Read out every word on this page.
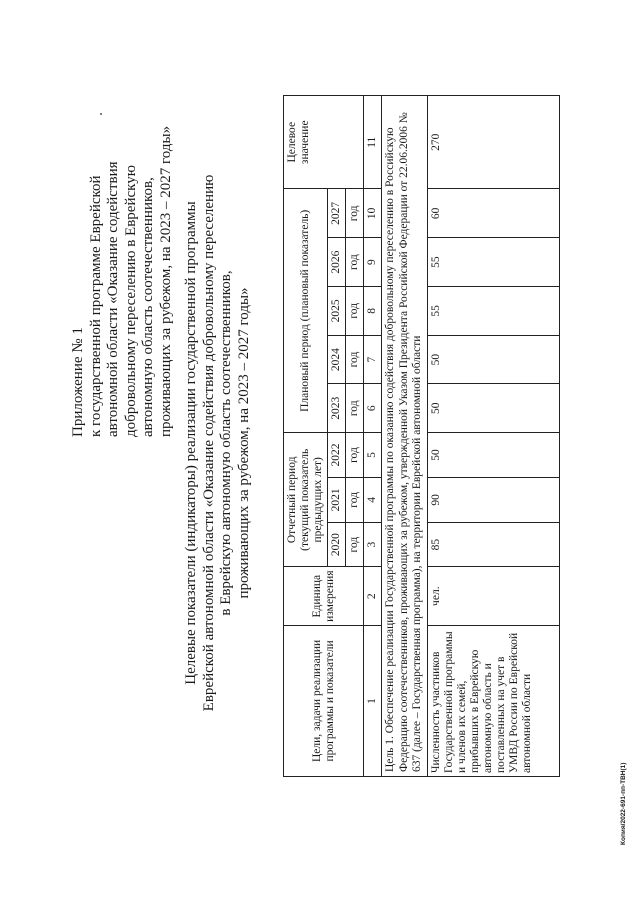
Приложение № 1 к государственной программе Еврейской автономной области «Оказание содействия добровольному переселению в Еврейскую автономную область соотечественников, проживающих за рубежом, на 2023 – 2027 годы» Целевые показатели (индикаторы) реализации государственной программы Еврейской автономной области «Оказание содействия добровольному переселению в Еврейскую автономную область соотечественников, проживающих за рубежом, на 2023 – 2027 годы»
Цели, задачи реализации программы и показатели	Единица измерения	Отчетный период (текущий показатель предыдущих лет)			Плановый период (плановый показатель)					Целевое значение
		2020	2021	2022	2023	2024	2025	2026	2027	
		год	год	год	год	год	год	год	год	
1	2	3	4	5	6	7	8	9	10	11
Цель 1. Обеспечение реализации Государственной программы по оказанию содействия добровольному переселению в Российскую Федерацию соотечественников, проживающих за рубежом, утвержденной Указом Президента Российской Федерации от 22.06.2006 № 637 (далее – Государственная программа), на территории Еврейской автономной области										
Численность участников Государственной программы и членов их семей, прибывших в Еврейскую автономную область и поставленных на учет в УМВД России по Еврейской автономной области	чел.	85	90	50	50	50	55	55	60	270
Копия/2022-691-пп-ТВН(1)
